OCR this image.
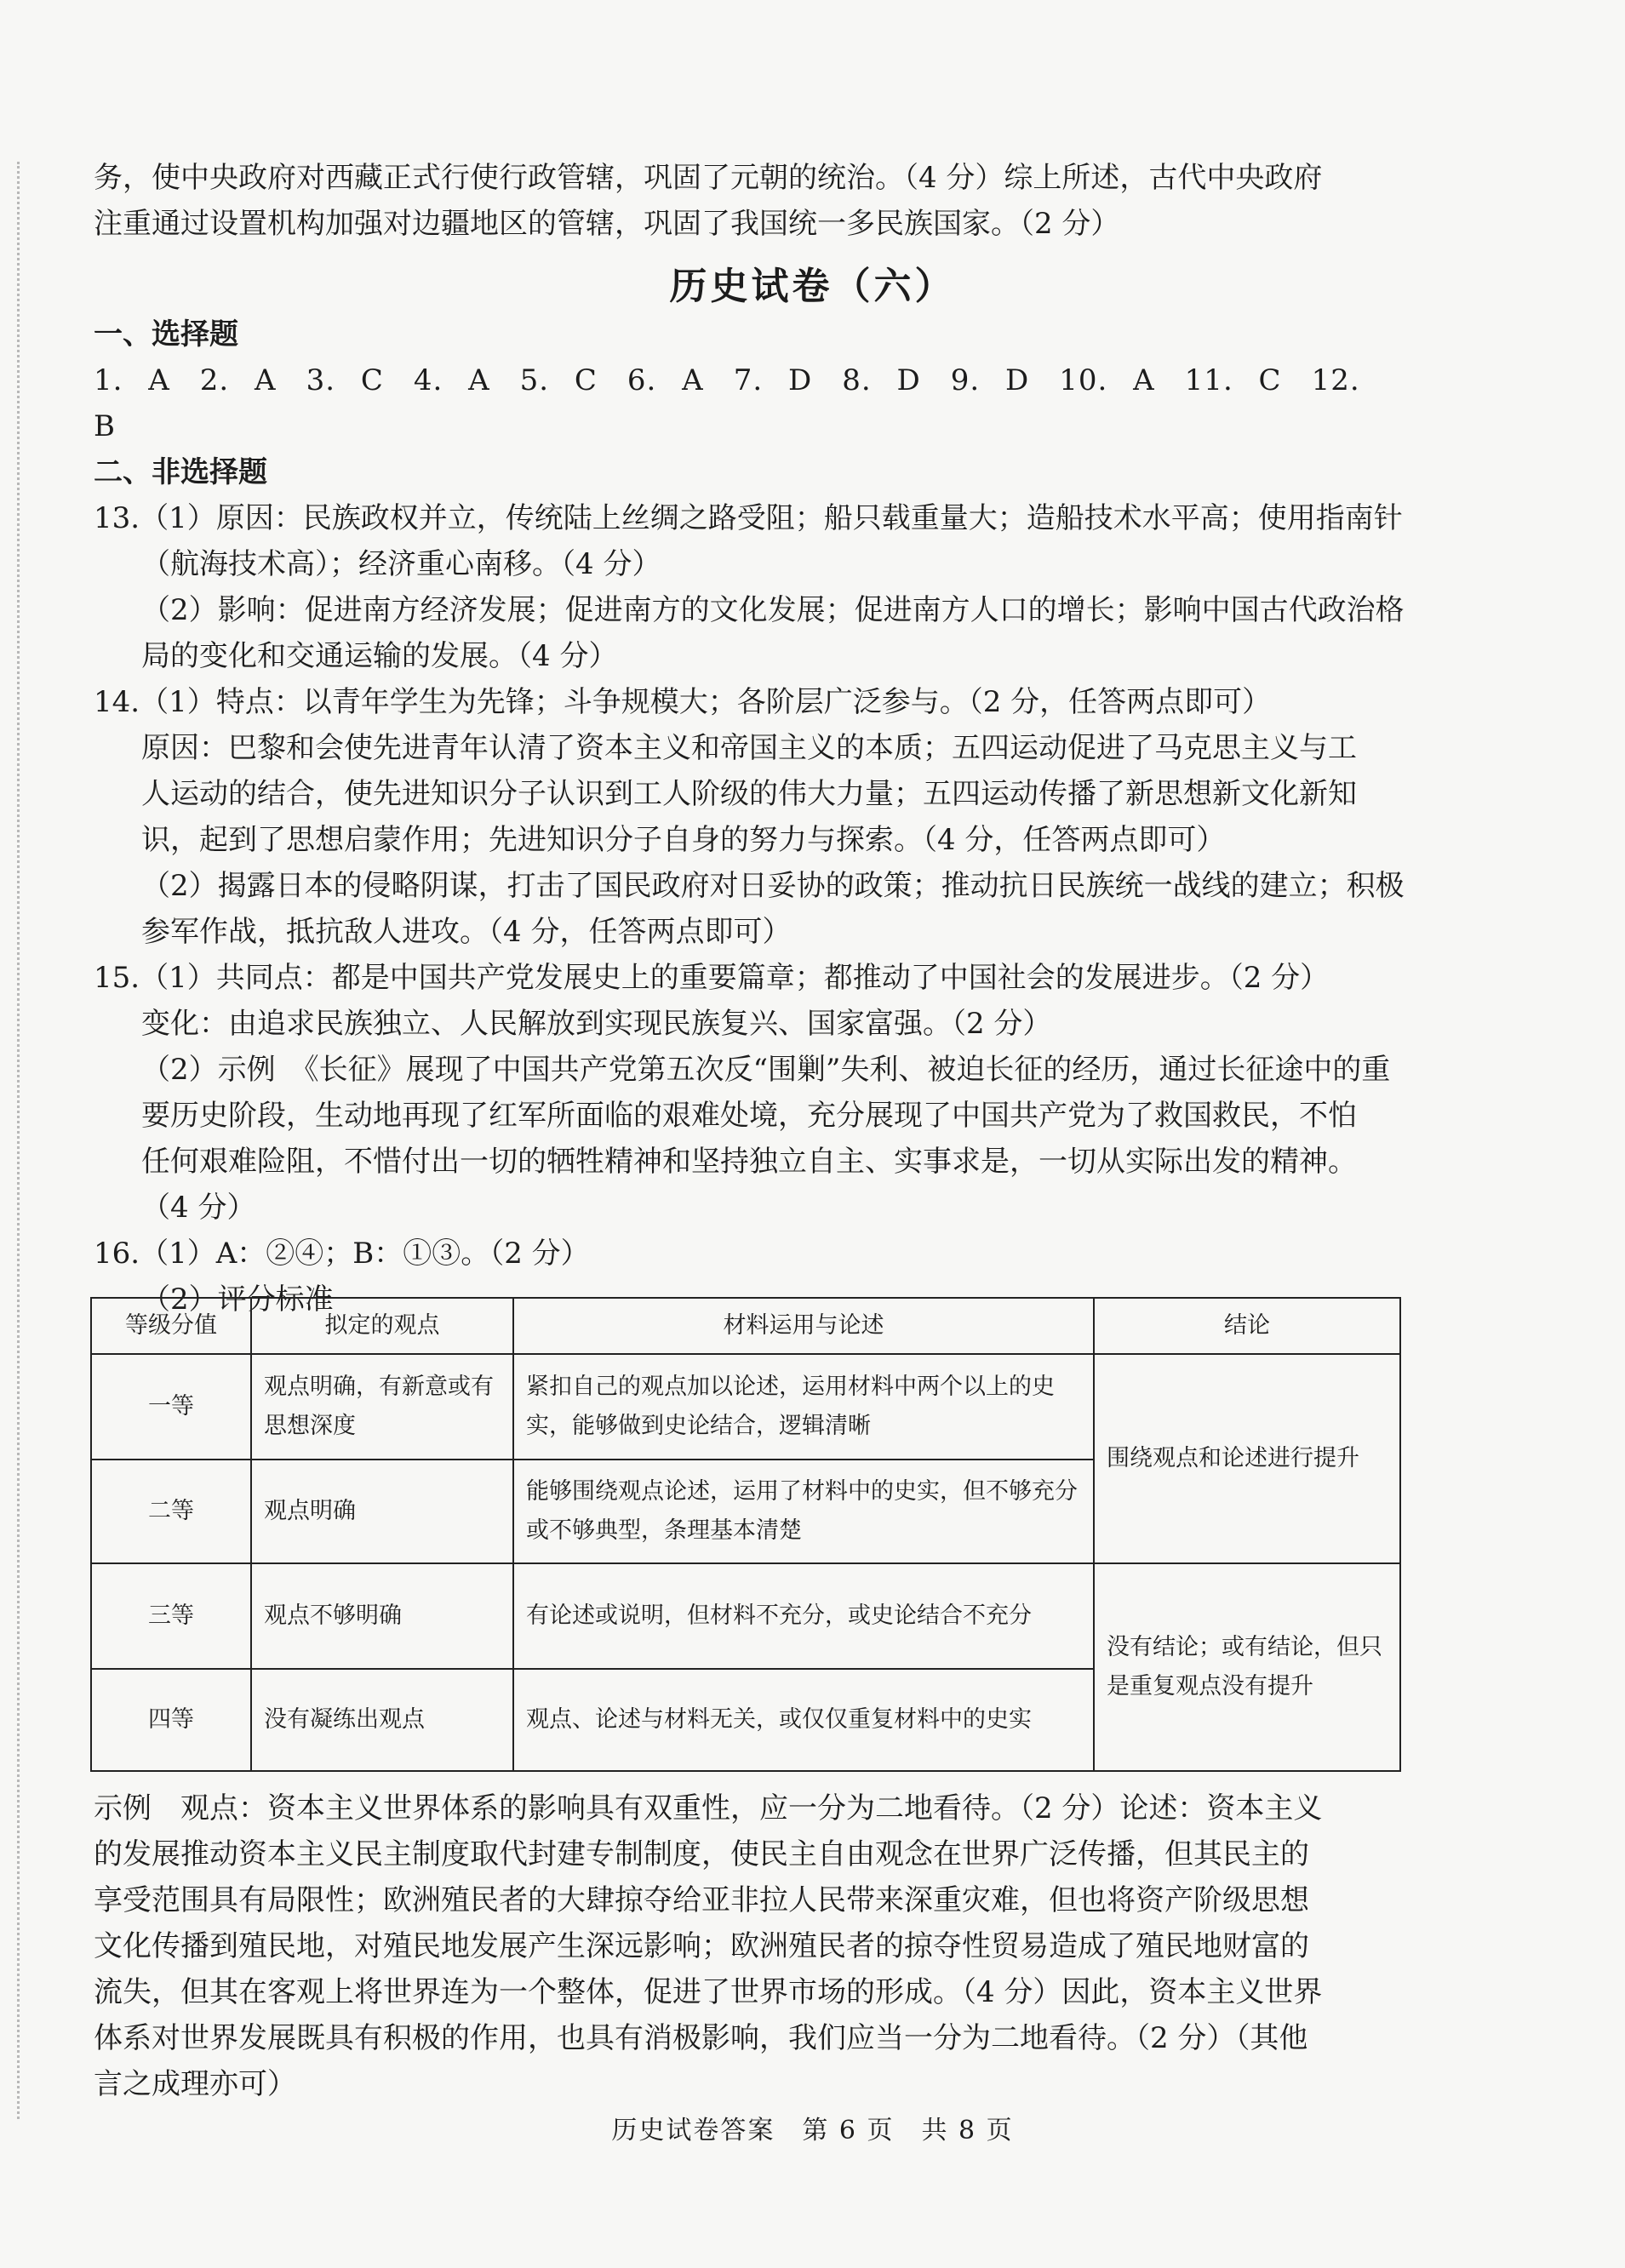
务，使中央政府对西藏正式行使行政管辖，巩固了元朝的统治。（4 分）综上所述，古代中央政府
注重通过设置机构加强对边疆地区的管辖，巩固了我国统一多民族国家。（2 分）
历史试卷（六）
一、选择题
1. A　2. A　3. C　4. A　5. C　6. A　7. D　8. D　9. D　10. A　11. C　12. B
二、非选择题
13.（1）原因：民族政权并立，传统陆上丝绸之路受阻；船只载重量大；造船技术水平高；使用指南针
（航海技术高）；经济重心南移。（4 分）
（2）影响：促进南方经济发展；促进南方的文化发展；促进南方人口的增长；影响中国古代政治格
局的变化和交通运输的发展。（4 分）
14.（1）特点：以青年学生为先锋；斗争规模大；各阶层广泛参与。（2 分，任答两点即可）
原因：巴黎和会使先进青年认清了资本主义和帝国主义的本质；五四运动促进了马克思主义与工
人运动的结合，使先进知识分子认识到工人阶级的伟大力量；五四运动传播了新思想新文化新知
识，起到了思想启蒙作用；先进知识分子自身的努力与探索。（4 分，任答两点即可）
（2）揭露日本的侵略阴谋，打击了国民政府对日妥协的政策；推动抗日民族统一战线的建立；积极
参军作战，抵抗敌人进攻。（4 分，任答两点即可）
15.（1）共同点：都是中国共产党发展史上的重要篇章；都推动了中国社会的发展进步。（2 分）
变化：由追求民族独立、人民解放到实现民族复兴、国家富强。（2 分）
（2）示例　《长征》展现了中国共产党第五次反“围剿”失利、被迫长征的经历，通过长征途中的重
要历史阶段，生动地再现了红军所面临的艰难处境，充分展现了中国共产党为了救国救民，不怕
任何艰难险阻，不惜付出一切的牺牲精神和坚持独立自主、实事求是，一切从实际出发的精神。
（4 分）
16.（1）A：②④；B：①③。（2 分）
（2）评分标准
等级分值	拟定的观点	材料运用与论述	结论
一等	观点明确，有新意或有思想深度	紧扣自己的观点加以论述，运用材料中两个以上的史实，能够做到史论结合，逻辑清晰	围绕观点和论述进行提升
二等	观点明确	能够围绕观点论述，运用了材料中的史实，但不够充分或不够典型，条理基本清楚	
三等	观点不够明确	有论述或说明，但材料不充分，或史论结合不充分	没有结论；或有结论，但只是重复观点没有提升
四等	没有凝练出观点	观点、论述与材料无关，或仅仅重复材料中的史实	
示例　观点：资本主义世界体系的影响具有双重性，应一分为二地看待。（2 分）论述：资本主义
的发展推动资本主义民主制度取代封建专制制度，使民主自由观念在世界广泛传播，但其民主的
享受范围具有局限性；欧洲殖民者的大肆掠夺给亚非拉人民带来深重灾难，但也将资产阶级思想
文化传播到殖民地，对殖民地发展产生深远影响；欧洲殖民者的掠夺性贸易造成了殖民地财富的
流失，但其在客观上将世界连为一个整体，促进了世界市场的形成。（4 分）因此，资本主义世界
体系对世界发展既具有积极的作用，也具有消极影响，我们应当一分为二地看待。（2 分）（其他
言之成理亦可）
历史试卷答案　第 6 页　共 8 页
